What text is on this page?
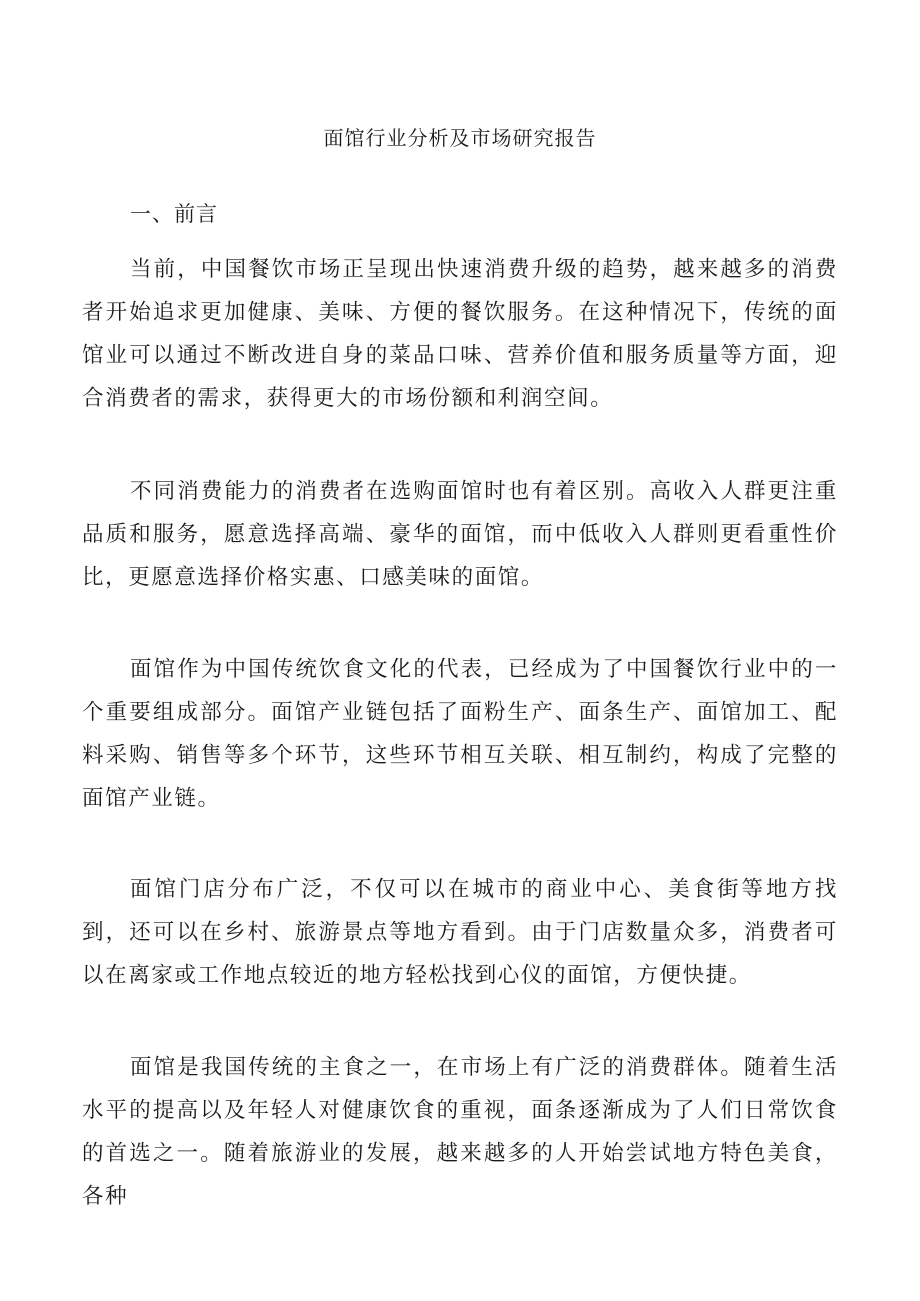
面馆行业分析及市场研究报告
一、前言

当前，中国餐饮市场正呈现出快速消费升级的趋势，越来越多的消费者开始追求更加健康、美味、方便的餐饮服务。在这种情况下，传统的面馆业可以通过不断改进自身的菜品口味、营养价值和服务质量等方面，迎合消费者的需求，获得更大的市场份额和利润空间。

不同消费能力的消费者在选购面馆时也有着区别。高收入人群更注重品质和服务，愿意选择高端、豪华的面馆，而中低收入人群则更看重性价比，更愿意选择价格实惠、口感美味的面馆。

面馆作为中国传统饮食文化的代表，已经成为了中国餐饮行业中的一个重要组成部分。面馆产业链包括了面粉生产、面条生产、面馆加工、配料采购、销售等多个环节，这些环节相互关联、相互制约，构成了完整的面馆产业链。

面馆门店分布广泛，不仅可以在城市的商业中心、美食街等地方找到，还可以在乡村、旅游景点等地方看到。由于门店数量众多，消费者可以在离家或工作地点较近的地方轻松找到心仪的面馆，方便快捷。

面馆是我国传统的主食之一，在市场上有广泛的消费群体。随着生活水平的提高以及年轻人对健康饮食的重视，面条逐渐成为了人们日常饮食的首选之一。随着旅游业的发展，越来越多的人开始尝试地方特色美食，各种
